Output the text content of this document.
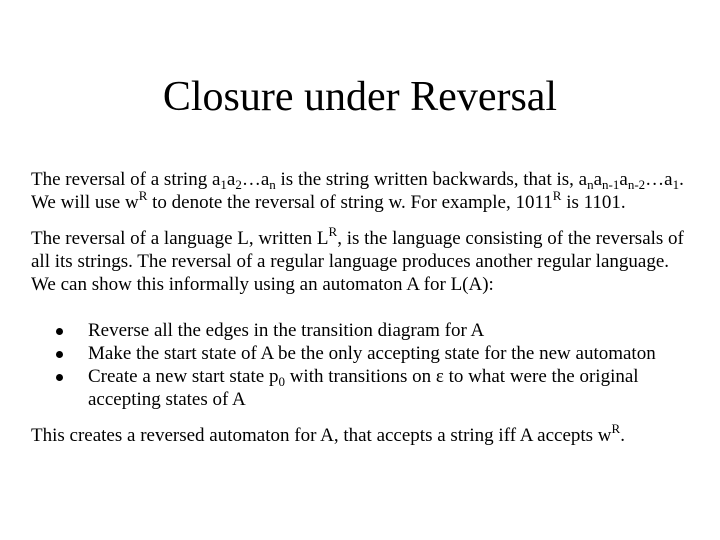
Closure under Reversal

The reversal of a string $a_1a_2\dots a_n$ is the string written backwards, that is, $a_na_{n-1}a_{n-2}\dots a_1$.
We will use $w^R$ to denote the reversal of string w. For example, $1011^R$ is 1101.

The reversal of a language L, written $L^R$, is the language consisting of the reversals of
all its strings. The reversal of a regular language produces another regular language.
We can show this informally using an automaton A for L(A):

Reverse all the edges in the transition diagram for A
Make the start state of A be the only accepting state for the new automaton
Create a new start state $p_0$ with transitions on ε to what were the original
accepting states of A

This creates a reversed automaton for A, that accepts a string iff A accepts $w^R$.
